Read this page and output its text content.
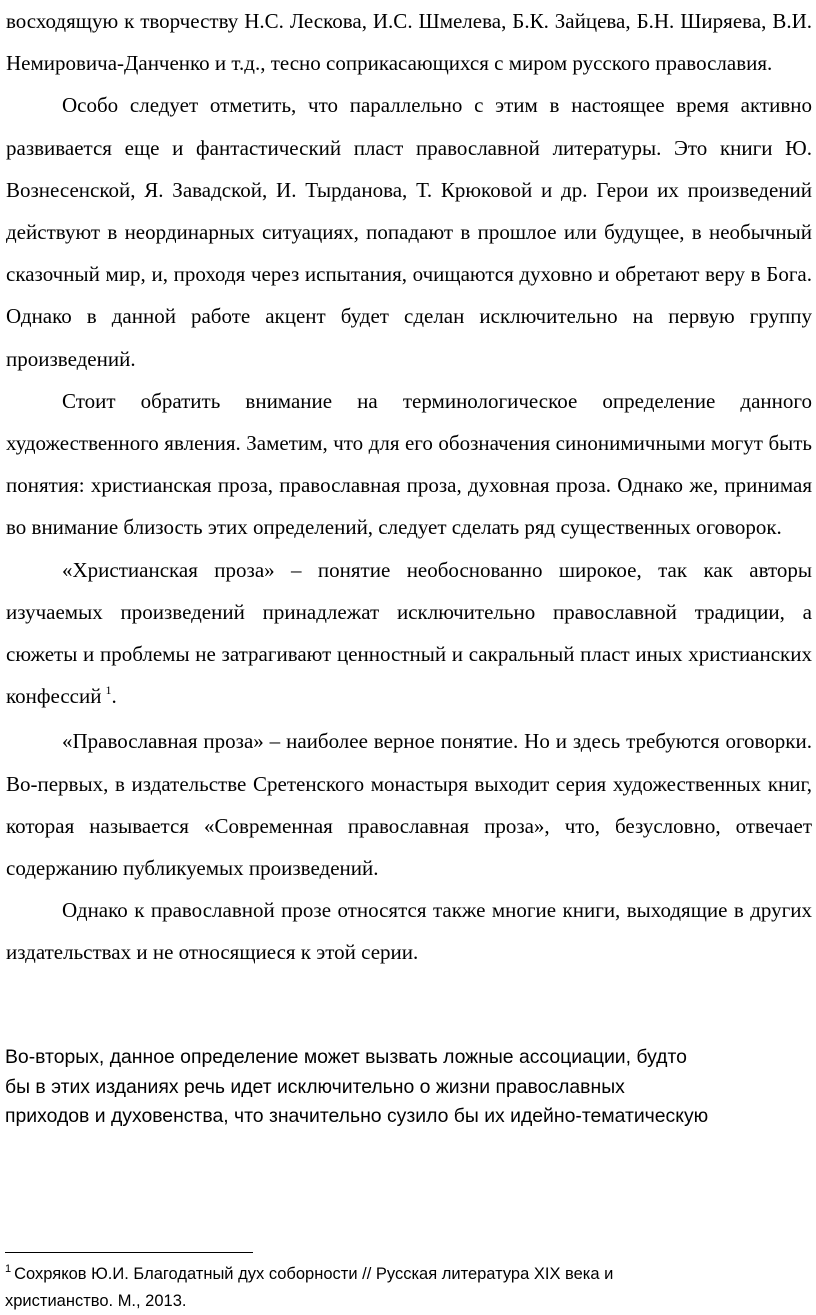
восходящую к творчеству Н.С. Лескова, И.С. Шмелева, Б.К. Зайцева, Б.Н. Ширяева, В.И. Немировича-Данченко и т.д., тесно соприкасающихся с миром русского православия.

Особо следует отметить, что параллельно с этим в настоящее время активно развивается еще и фантастический пласт православной литературы. Это книги Ю. Вознесенской, Я. Завадской, И. Тырданова, Т. Крюковой и др. Герои их произведений действуют в неординарных ситуациях, попадают в прошлое или будущее, в необычный сказочный мир, и, проходя через испытания, очищаются духовно и обретают веру в Бога. Однако в данной работе акцент будет сделан исключительно на первую группу произведений.

Стоит обратить внимание на терминологическое определение данного художественного явления. Заметим, что для его обозначения синонимичными могут быть понятия: христианская проза, православная проза, духовная проза. Однако же, принимая во внимание близость этих определений, следует сделать ряд существенных оговорок.

«Христианская проза» – понятие необоснованно широкое, так как авторы изучаемых произведений принадлежат исключительно православной традиции, а сюжеты и проблемы не затрагивают ценностный и сакральный пласт иных христианских конфессий $^1$.

«Православная проза» – наиболее верное понятие. Но и здесь требуются оговорки. Во-первых, в издательстве Сретенского монастыря выходит серия художественных книг, которая называется «Современная православная проза», что, безусловно, отвечает содержанию публикуемых произведений.

Однако к православной прозе относятся также многие книги, выходящие в других издательствах и не относящиеся к этой серии.

Во-вторых, данное определение может вызвать ложные ассоциации, будто

бы в этих изданиях речь идет исключительно о жизни православных

приходов и духовенства, что значительно сузило бы их идейно-тематическую

$^1$ Сохряков Ю.И. Благодатный дух соборности // Русская литература XIX века и

христианство. М., 2013.
